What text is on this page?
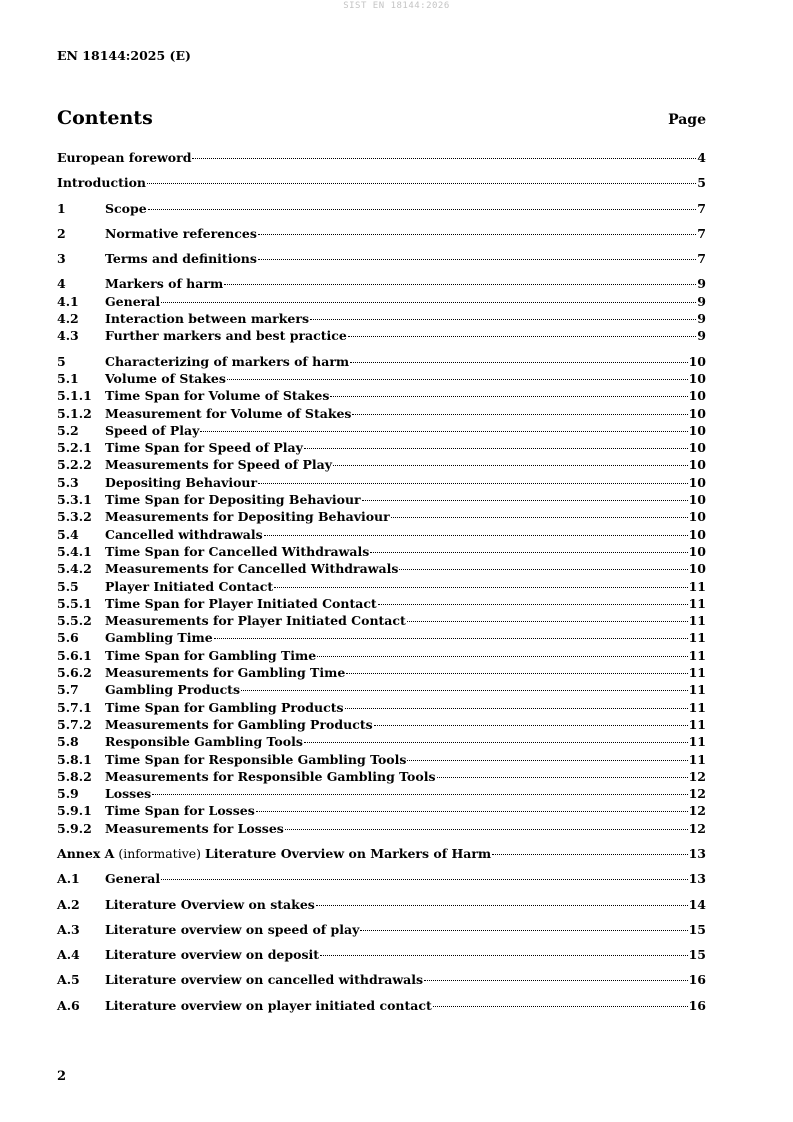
SIST EN 18144:2026
EN 18144:2025 (E)
Contents	Page
European foreword	4
Introduction	5
1	Scope	7
2	Normative references	7
3	Terms and definitions	7
4	Markers of harm	9
4.1	General	9
4.2	Interaction between markers	9
4.3	Further markers and best practice	9
5	Characterizing of markers of harm	10
5.1	Volume of Stakes	10
5.1.1	Time Span for Volume of Stakes	10
5.1.2	Measurement for Volume of Stakes	10
5.2	Speed of Play	10
5.2.1	Time Span for Speed of Play	10
5.2.2	Measurements for Speed of Play	10
5.3	Depositing Behaviour	10
5.3.1	Time Span for Depositing Behaviour	10
5.3.2	Measurements for Depositing Behaviour	10
5.4	Cancelled withdrawals	10
5.4.1	Time Span for Cancelled Withdrawals	10
5.4.2	Measurements for Cancelled Withdrawals	10
5.5	Player Initiated Contact	11
5.5.1	Time Span for Player Initiated Contact	11
5.5.2	Measurements for Player Initiated Contact	11
5.6	Gambling Time	11
5.6.1	Time Span for Gambling Time	11
5.6.2	Measurements for Gambling Time	11
5.7	Gambling Products	11
5.7.1	Time Span for Gambling Products	11
5.7.2	Measurements for Gambling Products	11
5.8	Responsible Gambling Tools	11
5.8.1	Time Span for Responsible Gambling Tools	11
5.8.2	Measurements for Responsible Gambling Tools	12
5.9	Losses	12
5.9.1	Time Span for Losses	12
5.9.2	Measurements for Losses	12
Annex A (informative) Literature Overview on Markers of Harm	13
A.1	General	13
A.2	Literature Overview on stakes	14
A.3	Literature overview on speed of play	15
A.4	Literature overview on deposit	15
A.5	Literature overview on cancelled withdrawals	16
A.6	Literature overview on player initiated contact	16
2
